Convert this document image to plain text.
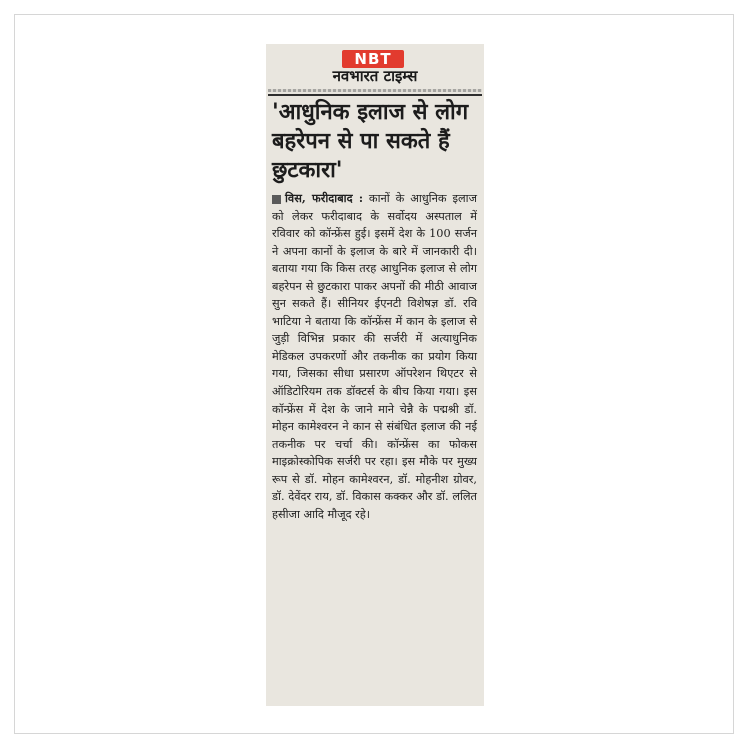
NBT
नवभारत टाइम्स
'आधुनिक इलाज से लोग बहरेपन से पा सकते हैं छुटकारा'

विस, फरीदाबाद : कानों के आधुनिक इलाज को लेकर फरीदाबाद के सर्वोदय अस्पताल में रविवार को कॉन्फ्रेंस हुई। इसमें देश के 100 सर्जन ने अपना कानों के इलाज के बारे में जानकारी दी। बताया गया कि किस तरह आधुनिक इलाज से लोग बहरेपन से छुटकारा पाकर अपनों की मीठी आवाज सुन सकते हैं। सीनियर ईएनटी विशेषज्ञ डॉ. रवि भाटिया ने बताया कि कॉन्फ्रेंस में कान के इलाज से जुड़ी विभिन्न प्रकार की सर्जरी में अत्याधुनिक मेडिकल उपकरणों और तकनीक का प्रयोग किया गया, जिसका सीधा प्रसारण ऑपरेशन थिएटर से ऑडिटोरियम तक डॉक्टर्स के बीच किया गया। इस कॉन्फ्रेंस में देश के जाने माने चेन्नै के पद्मश्री डॉ. मोहन कामेश्वरन ने कान से संबंधित इलाज की नई तकनीक पर चर्चा की। कॉन्फ्रेंस का फोकस माइक्रोस्कोपिक सर्जरी पर रहा। इस मौके पर मुख्य रूप से डॉ. मोहन कामेश्वरन, डॉ. मोहनीश ग्रोवर, डॉ. देवेंदर राय, डॉ. विकास कक्कर और डॉ. ललित हसीजा आदि मौजूद रहे।
